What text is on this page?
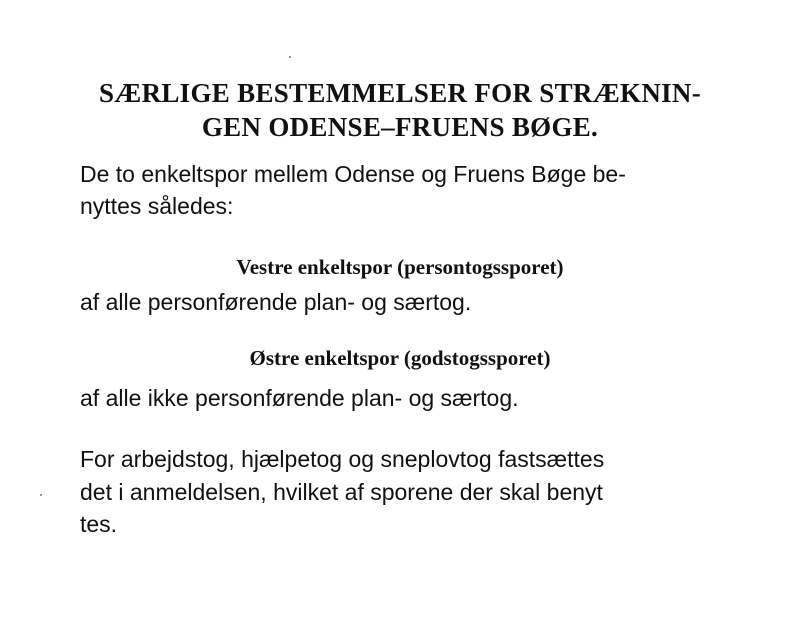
SÆRLIGE BESTEMMELSER FOR STRÆKNIN-
GEN ODENSE–FRUENS BØGE.

De to enkeltspor mellem Odense og Fruens Bøge be-

nyttes således:

Vestre enkeltspor (persontogssporet)

af alle personførende plan- og særtog.

Østre enkeltspor (godstogssporet)

af alle ikke personførende plan- og særtog.

For arbejdstog, hjælpetog og sneplovtog fastsættes

det i anmeldelsen, hvilket af sporene der skal benyt

tes.
